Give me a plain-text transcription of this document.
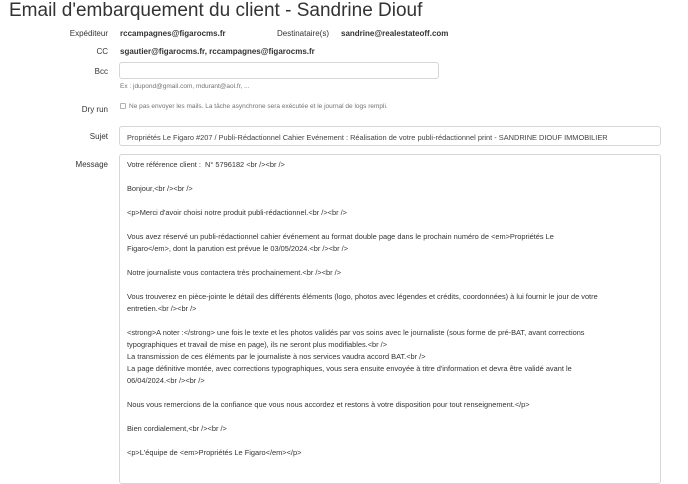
Email d'embarquement du client - Sandrine Diouf
Expéditeur rccampagnes@figarocms.fr	Destinataire(s) sandrine@realestateoff.com
CC sgautier@figarocms.fr, rccampagnes@figarocms.fr
Bcc
Ex : jdupond@gmail.com, mdurant@aol.fr, ...
Dry run	Ne pas envoyer les mails. La tâche asynchrone sera exécutée et le journal de logs rempli.
Sujet	Propriétés Le Figaro #207 / Publi-Rédactionnel Cahier Evénement : Réalisation de votre publi-rédactionnel print - SANDRINE DIOUF IMMOBILIER
Message	Votre référence client :  N° 5796182 <br /><br />

Bonjour,<br /><br />

<p>Merci d'avoir choisi notre produit publi-rédactionnel.<br /><br />

Vous avez réservé un publi-rédactionnel cahier événement au format double page dans le prochain numéro de <em>Propriétés Le
Figaro</em>, dont la parution est prévue le 03/05/2024.<br /><br />

Notre journaliste vous contactera très prochainement.<br /><br />

Vous trouverez en pièce-jointe le détail des différents éléments (logo, photos avec légendes et crédits, coordonnées) à lui fournir le jour de votre
entretien.<br /><br />

<strong>A noter :</strong> une fois le texte et les photos validés par vos soins avec le journaliste (sous forme de pré-BAT, avant corrections
typographiques et travail de mise en page), ils ne seront plus modifiables.<br />
La transmission de ces éléments par le journaliste à nos services vaudra accord BAT.<br />
La page définitive montée, avec corrections typographiques, vous sera ensuite envoyée à titre d'information et devra être validé avant le
06/04/2024.<br /><br />

Nous vous remercions de la confiance que vous nous accordez et restons à votre disposition pour tout renseignement.</p>

Bien cordialement,<br /><br />

<p>L'équipe de <em>Propriétés Le Figaro</em></p>
